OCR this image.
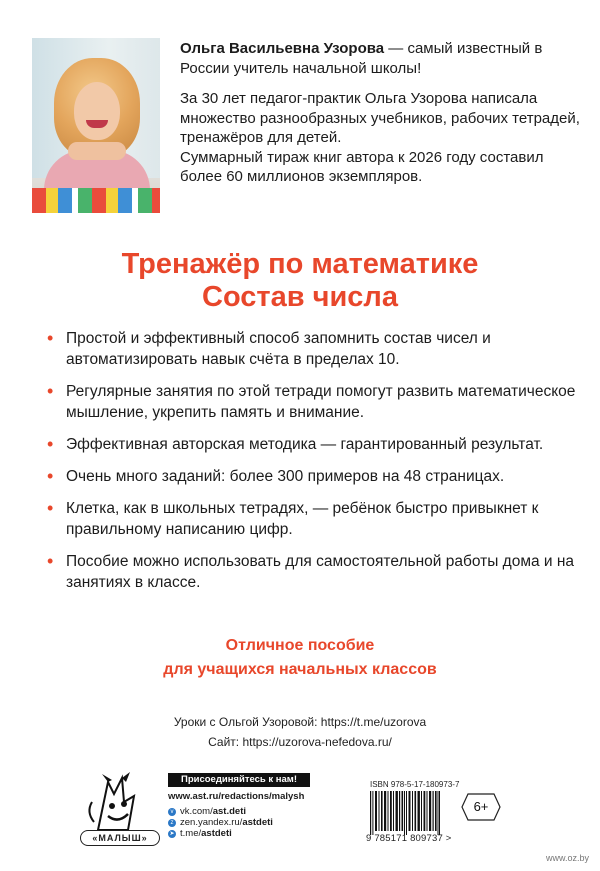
Ольга Васильевна Узорова — самый известный в России учитель начальной школы!

За 30 лет педагог-практик Ольга Узорова написала множество разнообразных учебников, рабочих тетрадей, тренажёров для детей.

Суммарный тираж книг автора к 2026 году составил более 60 миллионов экземпляров.

Тренажёр по математике
Состав числа
• Простой и эффективный способ запомнить состав чисел и автоматизировать навык счёта в пределах 10.
• Регулярные занятия по этой тетради помогут развить математическое мышление, укрепить память и внимание.
• Эффективная авторская методика — гарантированный результат.
• Очень много заданий: более 300 примеров на 48 страницах.
• Клетка, как в школьных тетрадях, — ребёнок быстро привыкнет к правильному написанию цифр.
• Пособие можно использовать для самостоятельной работы дома и на занятиях в классе.
Отличное пособие
для учащихся начальных классов
Уроки с Ольгой Узоровой: https://t.me/uzorova
Сайт: https://uzorova-nefedova.ru/
«МАЛЫШ»
Присоединяйтесь к нам!
www.ast.ru/redactions/malysh
v vk.com/ ast.deti
z zen.yandex.ru/ astdeti
➤ t.me/ astdeti
ISBN 978-5-17-180973-7
9 785171 809737 >
6+
www.oz.by
